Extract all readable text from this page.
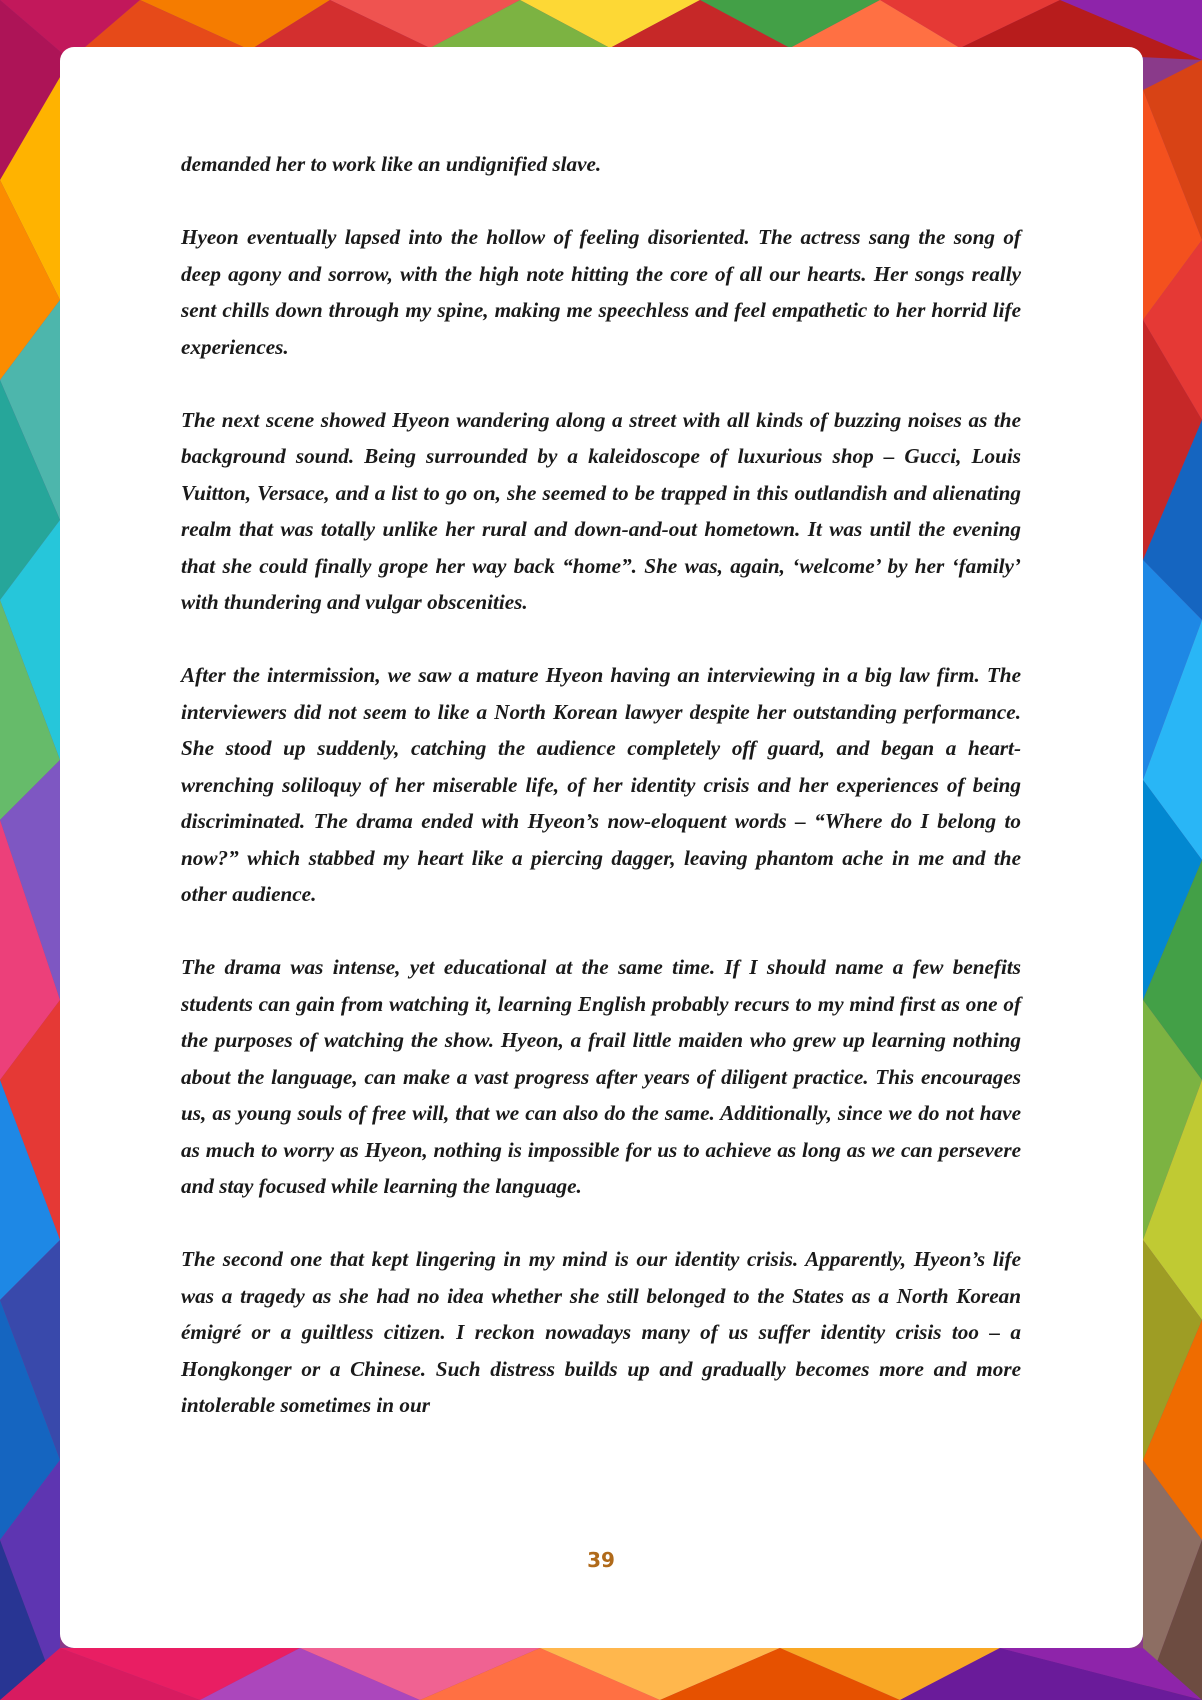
demanded her to work like an undignified slave.

Hyeon eventually lapsed into the hollow of feeling disoriented. The actress sang the song of deep agony and sorrow, with the high note hitting the core of all our hearts. Her songs really sent chills down through my spine, making me speechless and feel empathetic to her horrid life experiences.

The next scene showed Hyeon wandering along a street with all kinds of buzzing noises as the background sound. Being surrounded by a kaleidoscope of luxurious shop – Gucci, Louis Vuitton, Versace, and a list to go on, she seemed to be trapped in this outlandish and alienating realm that was totally unlike her rural and down-and-out hometown. It was until the evening that she could finally grope her way back “home”. She was, again, ‘welcome’ by her ‘family’ with thundering and vulgar obscenities.

After the intermission, we saw a mature Hyeon having an interviewing in a big law firm. The interviewers did not seem to like a North Korean lawyer despite her outstanding performance. She stood up suddenly, catching the audience completely off guard, and began a heart-wrenching soliloquy of her miserable life, of her identity crisis and her experiences of being discriminated. The drama ended with Hyeon’s now-eloquent words – “Where do I belong to now?” which stabbed my heart like a piercing dagger, leaving phantom ache in me and the other audience.

The drama was intense, yet educational at the same time. If I should name a few benefits students can gain from watching it, learning English probably recurs to my mind first as one of the purposes of watching the show. Hyeon, a frail little maiden who grew up learning nothing about the language, can make a vast progress after years of diligent practice. This encourages us, as young souls of free will, that we can also do the same. Additionally, since we do not have as much to worry as Hyeon, nothing is impossible for us to achieve as long as we can persevere and stay focused while learning the language.

The second one that kept lingering in my mind is our identity crisis. Apparently, Hyeon’s life was a tragedy as she had no idea whether she still belonged to the States as a North Korean émigré or a guiltless citizen. I reckon nowadays many of us suffer identity crisis too – a Hongkonger or a Chinese. Such distress builds up and gradually becomes more and more intolerable sometimes in our

39
